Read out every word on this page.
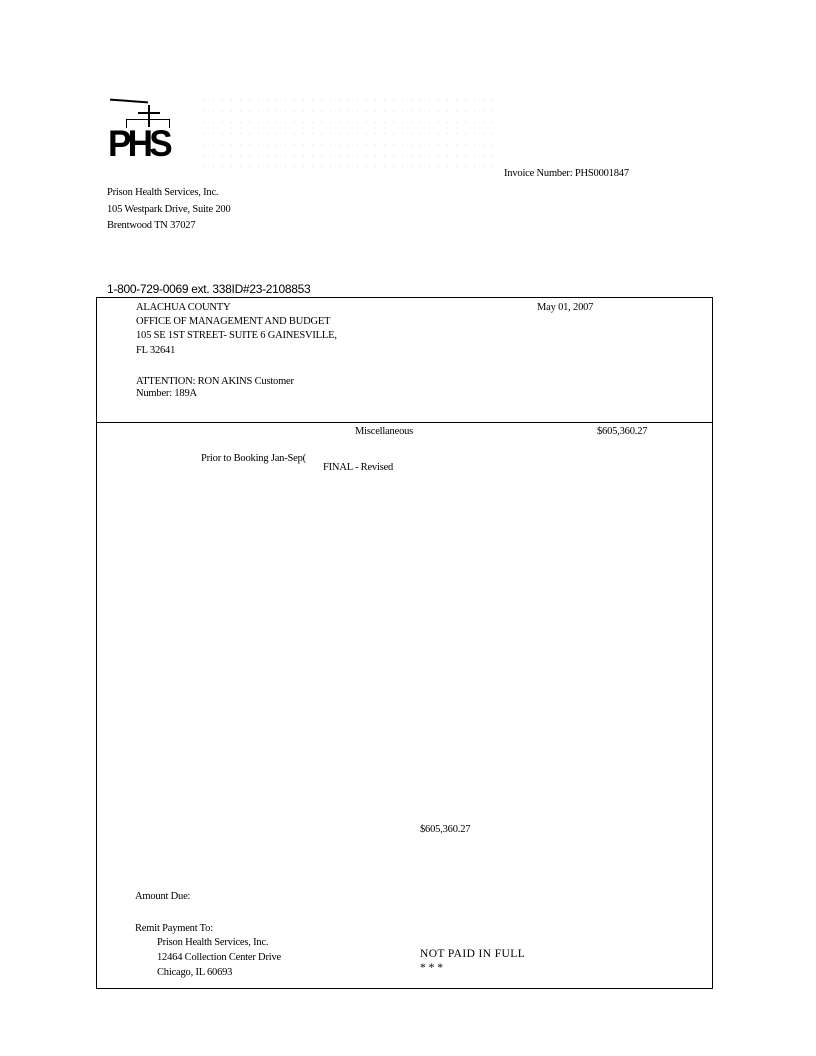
PHS
Invoice Number: PHS0001847
Prison Health Services, Inc.
105 Westpark Drive, Suite 200
Brentwood TN 37027
1-800-729-0069 ext. 338ID#23-2108853
ALACHUA COUNTY
OFFICE OF MANAGEMENT AND BUDGET
105 SE 1ST STREET- SUITE 6 GAINESVILLE,
FL 32641
ATTENTION: RON AKINS Customer
Number: 189A
May 01, 2007
Miscellaneous	$605,360.27
Prior to Booking Jan-Sep(
FINAL - Revised
$605,360.27
Amount Due:
Remit Payment To:
Prison Health Services, Inc.
12464 Collection Center Drive
Chicago, IL 60693
NOT PAID IN FULL
* * *
